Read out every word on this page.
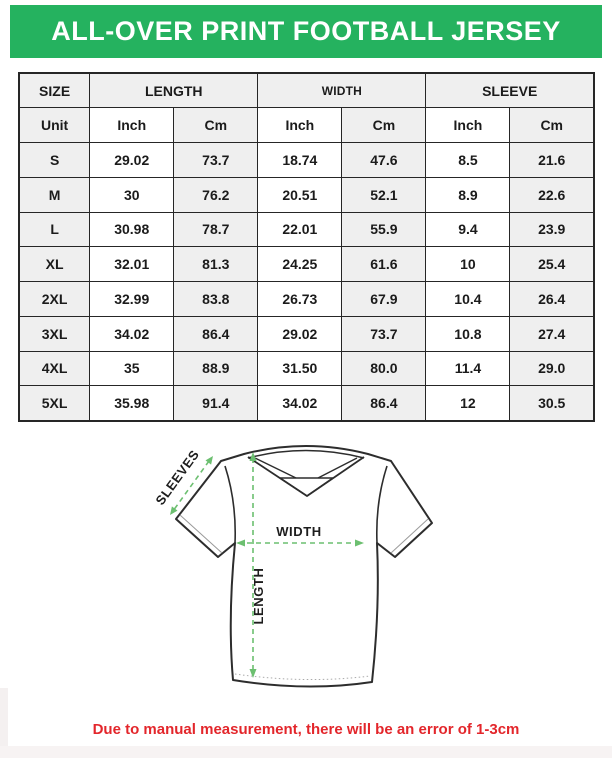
ALL-OVER PRINT FOOTBALL JERSEY
SIZE	LENGTH		WIDTH		SLEEVE	
Unit	Inch	Cm	Inch	Cm	Inch	Cm
S	29.02	73.7	18.74	47.6	8.5	21.6
M	30	76.2	20.51	52.1	8.9	22.6
L	30.98	78.7	22.01	55.9	9.4	23.9
XL	32.01	81.3	24.25	61.6	10	25.4
2XL	32.99	83.8	26.73	67.9	10.4	26.4
3XL	34.02	86.4	29.02	73.7	10.8	27.4
4XL	35	88.9	31.50	80.0	11.4	29.0
5XL	35.98	91.4	34.02	86.4	12	30.5
WIDTH
LENGTH
SLEEVES
Due to manual measurement, there will be an error of 1-3cm
